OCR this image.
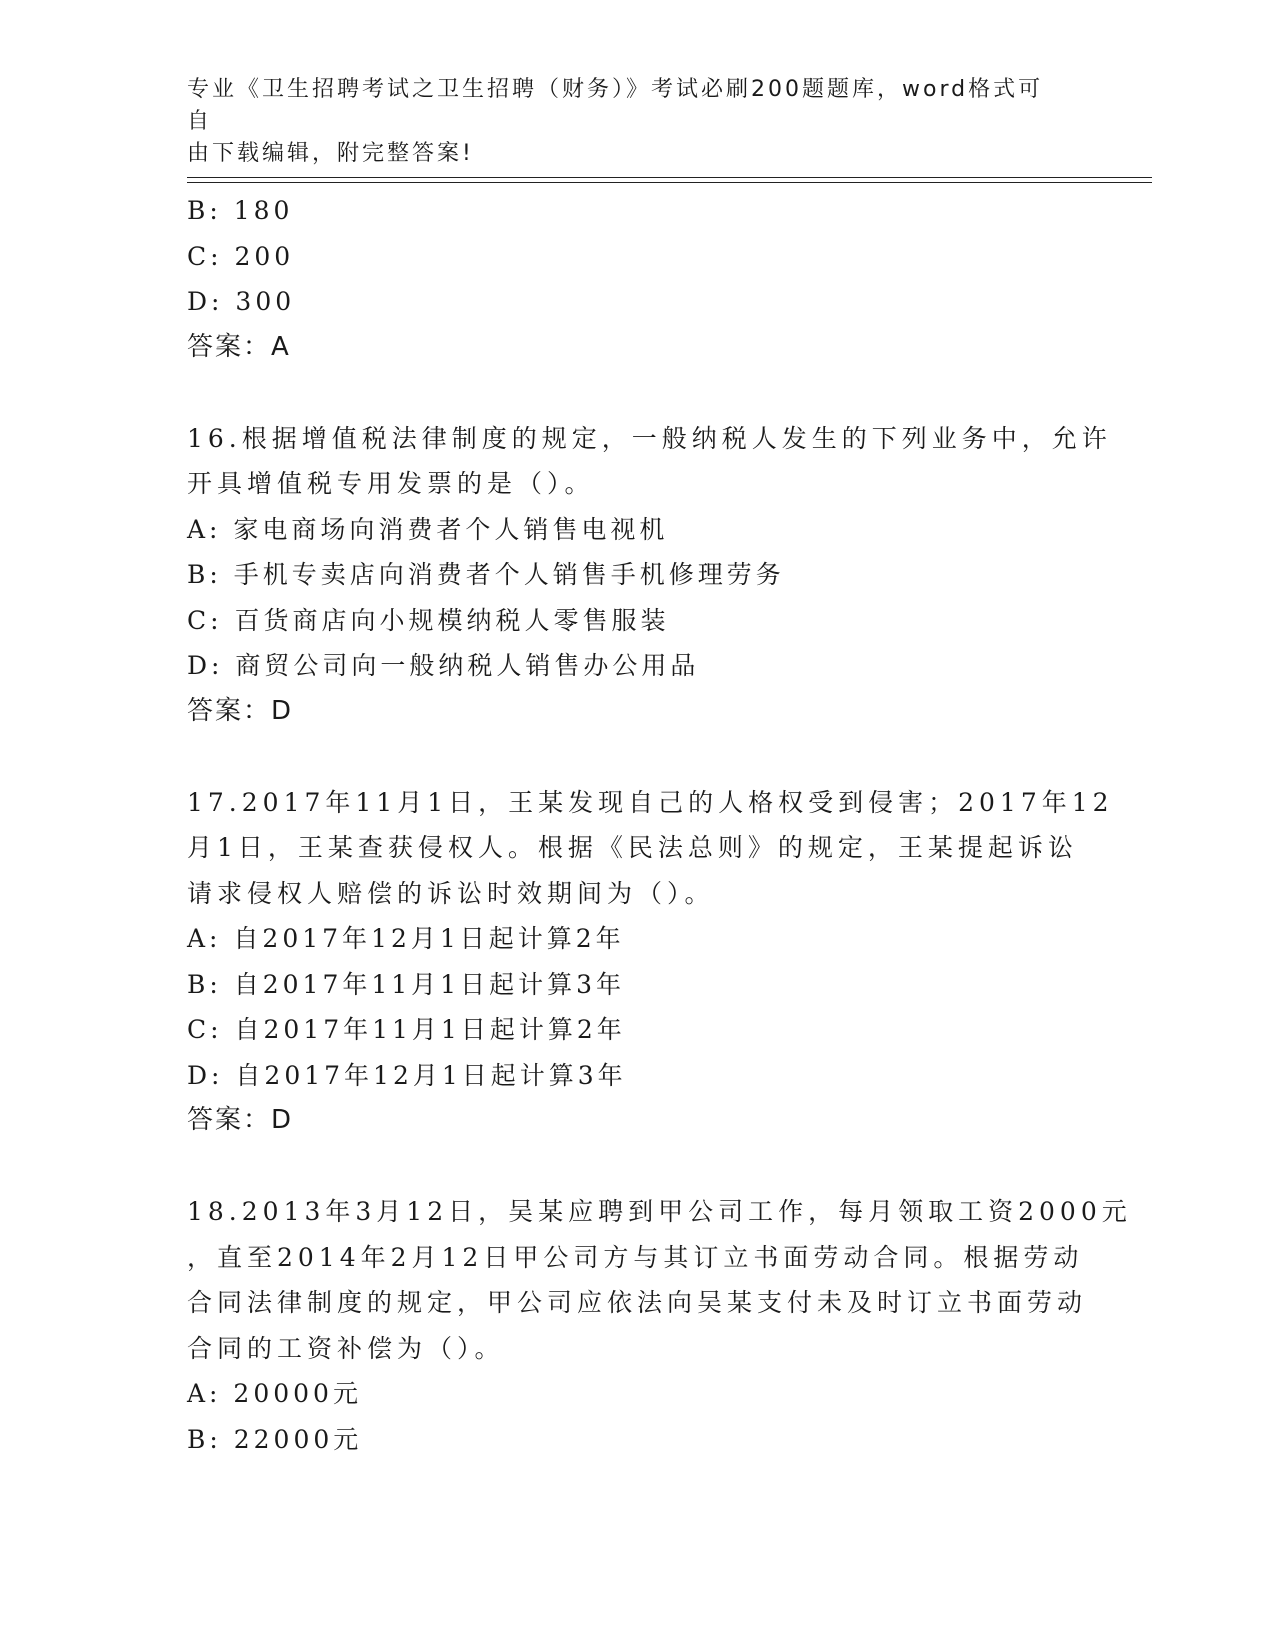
专业《卫生招聘考试之卫生招聘（财务）》考试必刷200题题库，word格式可自
由下载编辑，附完整答案!
B: 180
C: 200
D: 300
答案：A
16.根据增值税法律制度的规定，一般纳税人发生的下列业务中，允许
开具增值税专用发票的是（）。
A: 家电商场向消费者个人销售电视机
B: 手机专卖店向消费者个人销售手机修理劳务
C: 百货商店向小规模纳税人零售服装
D: 商贸公司向一般纳税人销售办公用品
答案：D
17.2017年11月1日，王某发现自己的人格权受到侵害；2017年12
月1日，王某查获侵权人。根据《民法总则》的规定，王某提起诉讼
请求侵权人赔偿的诉讼时效期间为（）。
A: 自2017年12月1日起计算2年
B: 自2017年11月1日起计算3年
C: 自2017年11月1日起计算2年
D: 自2017年12月1日起计算3年
答案：D
18.2013年3月12日，吴某应聘到甲公司工作，每月领取工资2000元
，直至2014年2月12日甲公司方与其订立书面劳动合同。根据劳动
合同法律制度的规定，甲公司应依法向吴某支付未及时订立书面劳动
合同的工资补偿为（）。
A: 20000元
B: 22000元
